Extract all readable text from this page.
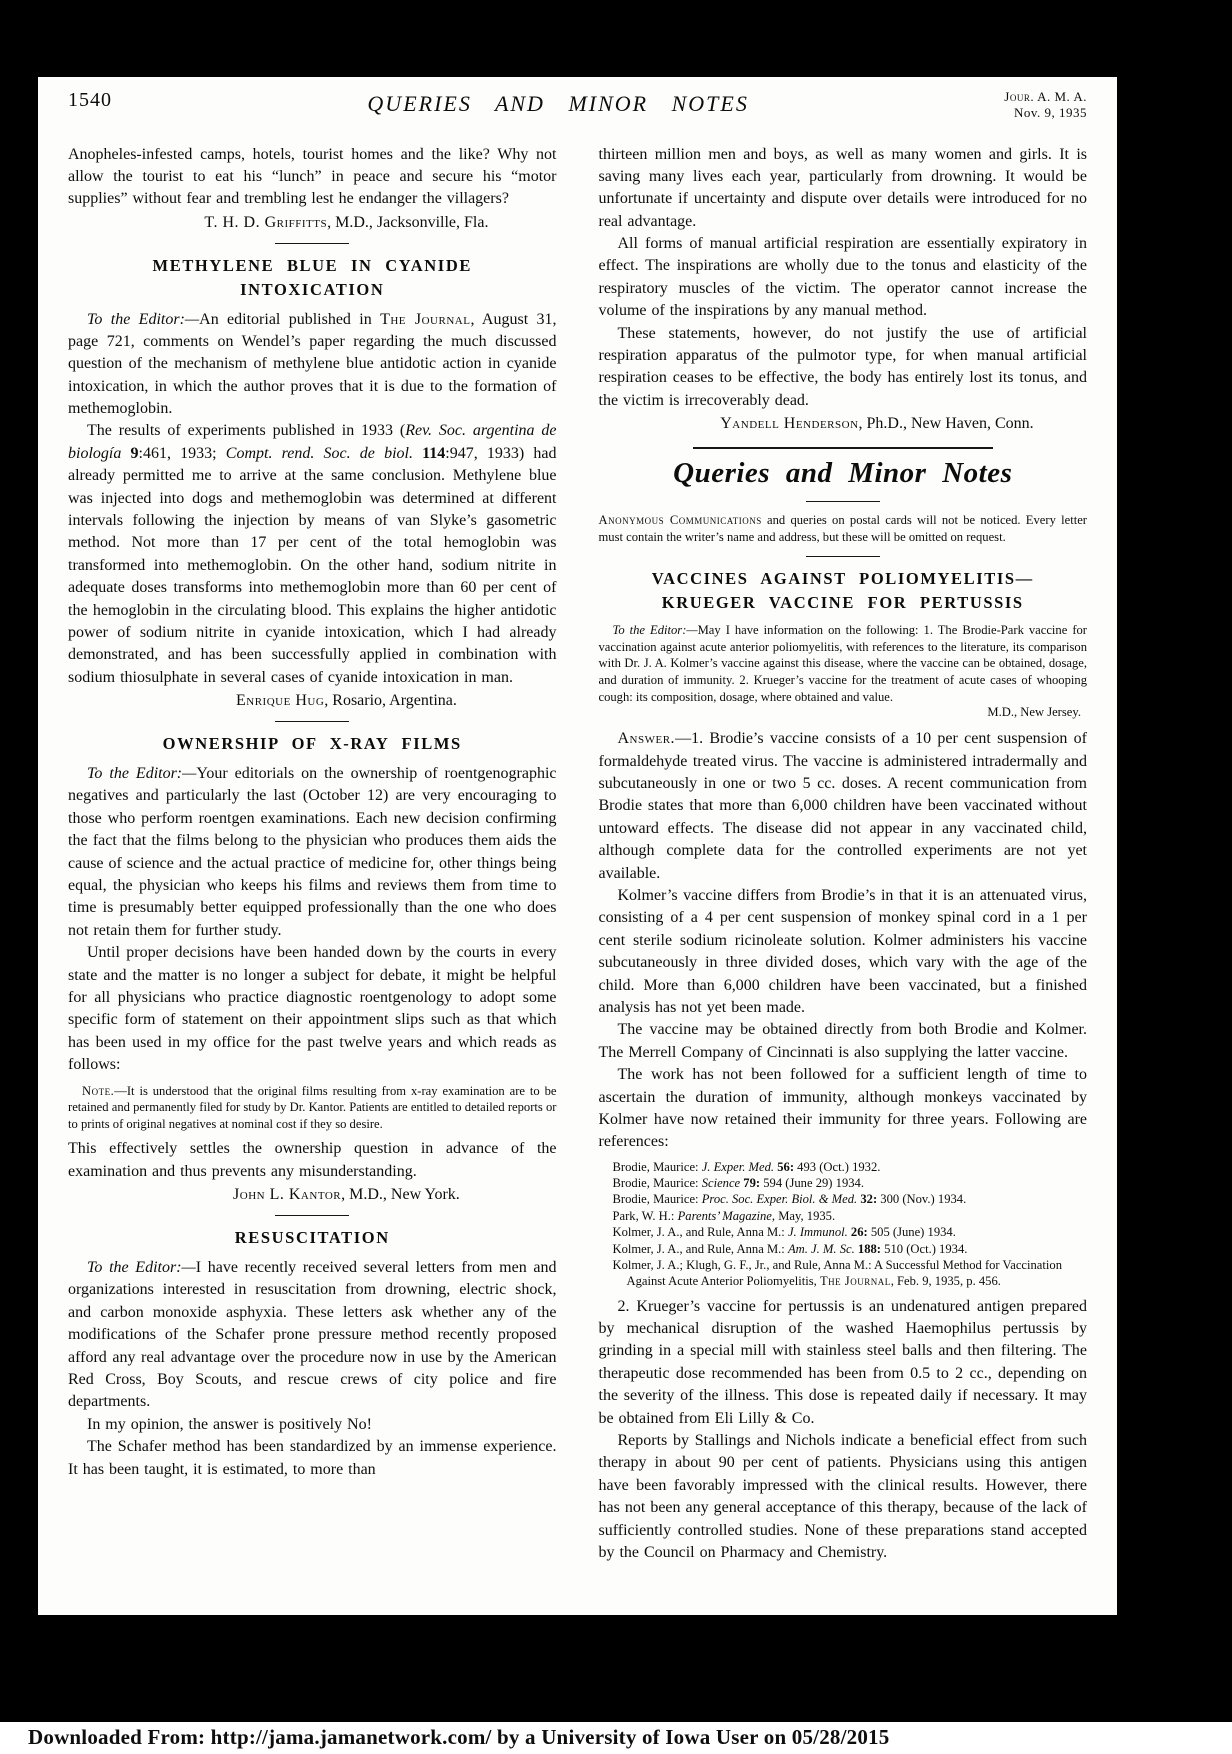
1540	QUERIES AND MINOR NOTES	Jour. A. M. A.
Nov. 9, 1935

Anopheles-infested camps, hotels, tourist homes and the like? Why not allow the tourist to eat his “lunch” in peace and secure his “motor supplies” without fear and trembling lest he endanger the villagers?

T. H. D. Griffitts, M.D., Jacksonville, Fla.

METHYLENE BLUE IN CYANIDE INTOXICATION

To the Editor:—An editorial published in The Journal, August 31, page 721, comments on Wendel’s paper regarding the much discussed question of the mechanism of methylene blue antidotic action in cyanide intoxication, in which the author proves that it is due to the formation of methemoglobin.

The results of experiments published in 1933 (Rev. Soc. argentina de biología 9:461, 1933; Compt. rend. Soc. de biol. 114:947, 1933) had already permitted me to arrive at the same conclusion. Methylene blue was injected into dogs and methemoglobin was determined at different intervals following the injection by means of van Slyke’s gasometric method. Not more than 17 per cent of the total hemoglobin was transformed into methemoglobin. On the other hand, sodium nitrite in adequate doses transforms into methemoglobin more than 60 per cent of the hemoglobin in the circulating blood. This explains the higher antidotic power of sodium nitrite in cyanide intoxication, which I had already demonstrated, and has been successfully applied in combination with sodium thiosulphate in several cases of cyanide intoxication in man.

Enrique Hug, Rosario, Argentina.

OWNERSHIP OF X-RAY FILMS

To the Editor:—Your editorials on the ownership of roentgenographic negatives and particularly the last (October 12) are very encouraging to those who perform roentgen examinations. Each new decision confirming the fact that the films belong to the physician who produces them aids the cause of science and the actual practice of medicine for, other things being equal, the physician who keeps his films and reviews them from time to time is presumably better equipped professionally than the one who does not retain them for further study.

Until proper decisions have been handed down by the courts in every state and the matter is no longer a subject for debate, it might be helpful for all physicians who practice diagnostic roentgenology to adopt some specific form of statement on their appointment slips such as that which has been used in my office for the past twelve years and which reads as follows:

Note.—It is understood that the original films resulting from x-ray examination are to be retained and permanently filed for study by Dr. Kantor. Patients are entitled to detailed reports or to prints of original negatives at nominal cost if they so desire.

This effectively settles the ownership question in advance of the examination and thus prevents any misunderstanding.

John L. Kantor, M.D., New York.

RESUSCITATION

To the Editor:—I have recently received several letters from men and organizations interested in resuscitation from drowning, electric shock, and carbon monoxide asphyxia. These letters ask whether any of the modifications of the Schafer prone pressure method recently proposed afford any real advantage over the procedure now in use by the American Red Cross, Boy Scouts, and rescue crews of city police and fire departments.

In my opinion, the answer is positively No!

The Schafer method has been standardized by an immense experience. It has been taught, it is estimated, to more than

thirteen million men and boys, as well as many women and girls. It is saving many lives each year, particularly from drowning. It would be unfortunate if uncertainty and dispute over details were introduced for no real advantage.

All forms of manual artificial respiration are essentially expiratory in effect. The inspirations are wholly due to the tonus and elasticity of the respiratory muscles of the victim. The operator cannot increase the volume of the inspirations by any manual method.

These statements, however, do not justify the use of artificial respiration apparatus of the pulmotor type, for when manual artificial respiration ceases to be effective, the body has entirely lost its tonus, and the victim is irrecoverably dead.

Yandell Henderson, Ph.D., New Haven, Conn.

Queries and Minor Notes

Anonymous Communications and queries on postal cards will not be noticed. Every letter must contain the writer’s name and address, but these will be omitted on request.

VACCINES AGAINST POLIOMYELITIS—KRUEGER VACCINE FOR PERTUSSIS

To the Editor:—May I have information on the following: 1. The Brodie-Park vaccine for vaccination against acute anterior poliomyelitis, with references to the literature, its comparison with Dr. J. A. Kolmer’s vaccine against this disease, where the vaccine can be obtained, dosage, and duration of immunity. 2. Krueger’s vaccine for the treatment of acute cases of whooping cough: its composition, dosage, where obtained and value.

M.D., New Jersey.

Answer.—1. Brodie’s vaccine consists of a 10 per cent suspension of formaldehyde treated virus. The vaccine is administered intradermally and subcutaneously in one or two 5 cc. doses. A recent communication from Brodie states that more than 6,000 children have been vaccinated without untoward effects. The disease did not appear in any vaccinated child, although complete data for the controlled experiments are not yet available.

Kolmer’s vaccine differs from Brodie’s in that it is an attenuated virus, consisting of a 4 per cent suspension of monkey spinal cord in a 1 per cent sterile sodium ricinoleate solution. Kolmer administers his vaccine subcutaneously in three divided doses, which vary with the age of the child. More than 6,000 children have been vaccinated, but a finished analysis has not yet been made.

The vaccine may be obtained directly from both Brodie and Kolmer. The Merrell Company of Cincinnati is also supplying the latter vaccine.

The work has not been followed for a sufficient length of time to ascertain the duration of immunity, although monkeys vaccinated by Kolmer have now retained their immunity for three years. Following are references:

Brodie, Maurice: J. Exper. Med. 56: 493 (Oct.) 1932.

Brodie, Maurice: Science 79: 594 (June 29) 1934.

Brodie, Maurice: Proc. Soc. Exper. Biol. & Med. 32: 300 (Nov.) 1934.

Park, W. H.: Parents’ Magazine, May, 1935.

Kolmer, J. A., and Rule, Anna M.: J. Immunol. 26: 505 (June) 1934.

Kolmer, J. A., and Rule, Anna M.: Am. J. M. Sc. 188: 510 (Oct.) 1934.

Kolmer, J. A.; Klugh, G. F., Jr., and Rule, Anna M.: A Successful Method for Vaccination Against Acute Anterior Poliomyelitis, The Journal, Feb. 9, 1935, p. 456.

2. Krueger’s vaccine for pertussis is an undenatured antigen prepared by mechanical disruption of the washed Haemophilus pertussis by grinding in a special mill with stainless steel balls and then filtering. The therapeutic dose recommended has been from 0.5 to 2 cc., depending on the severity of the illness. This dose is repeated daily if necessary. It may be obtained from Eli Lilly & Co.

Reports by Stallings and Nichols indicate a beneficial effect from such therapy in about 90 per cent of patients. Physicians using this antigen have been favorably impressed with the clinical results. However, there has not been any general acceptance of this therapy, because of the lack of sufficiently controlled studies. None of these preparations stand accepted by the Council on Pharmacy and Chemistry.

Downloaded From: http://jama.jamanetwork.com/ by a University of Iowa User on 05/28/2015
